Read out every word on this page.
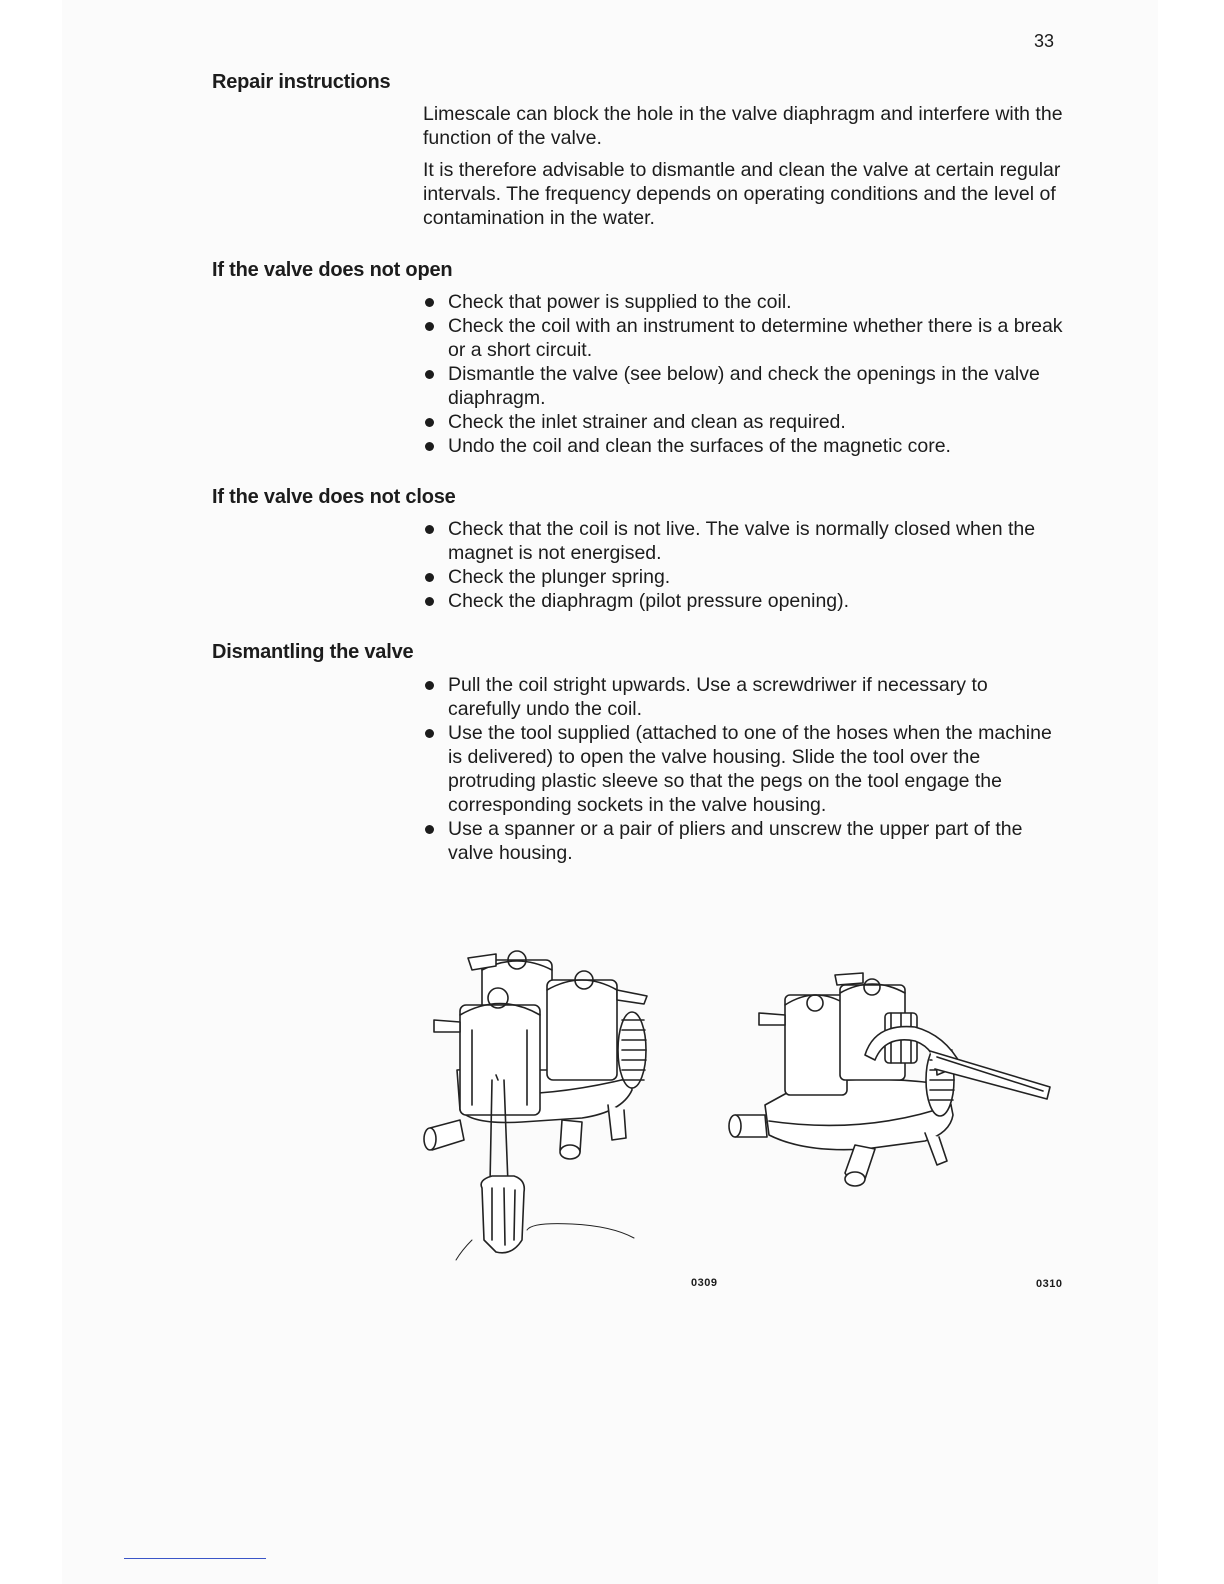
33
Repair instructions

Limescale can block the hole in the valve diaphragm and interfere with the function of the valve.

It is therefore advisable to dismantle and clean the valve at certain regular intervals. The frequency depends on operating conditions and the level of contamination in the water.

If the valve does not open
Check that power is supplied to the coil.
Check the coil with an instrument to determine whether there is a break or a short circuit.
Dismantle the valve (see below) and check the openings in the valve diaphragm.
Check the inlet strainer and clean as required.
Undo the coil and clean the surfaces of the magnetic core.
If the valve does not close
Check that the coil is not live. The valve is normally closed when the magnet is not energised.
Check the plunger spring.
Check the diaphragm (pilot pressure opening).
Dismantling the valve
Pull the coil stright upwards. Use a screwdriwer if necessary to carefully undo the coil.
Use the tool supplied (attached to one of the hoses when the machine is delivered) to open the valve housing. Slide the tool over the protruding plastic sleeve so that the pegs on the tool engage the corresponding sockets in the valve housing.
Use a spanner or a pair of pliers and unscrew the upper part of the valve housing.
0309	0310
